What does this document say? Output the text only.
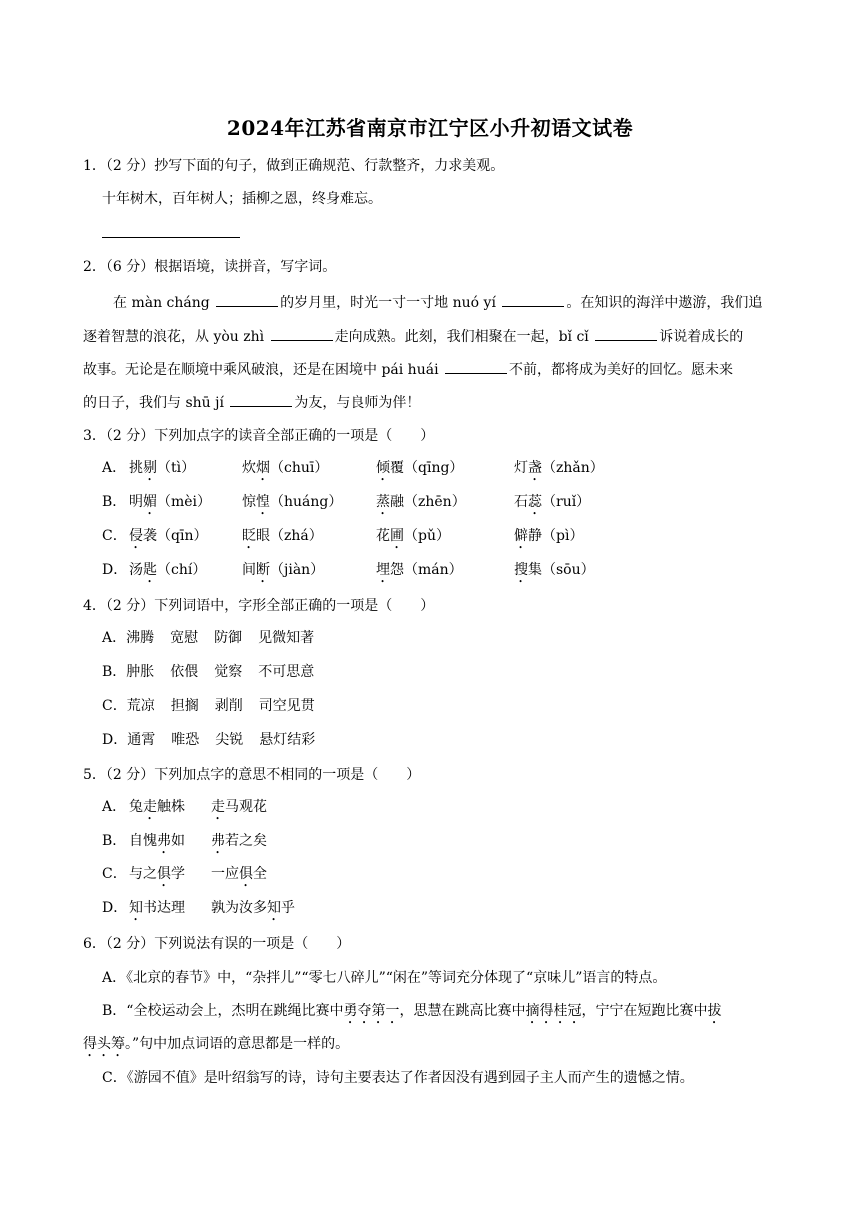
2024年江苏省南京市江宁区小升初语文试卷
1．（2 分）抄写下面的句子，做到正确规范、行款整齐，力求美观。
十年树木，百年树人；插柳之恩，终身难忘。
2．（6 分）根据语境，读拼音，写字词。
在 màn cháng	的岁月里，时光一寸一寸地 nuó yí	。在知识的海洋中遨游，我们追
逐着智慧的浪花，从 yòu zhì	走向成熟。此刻，我们相聚在一起，bǐ cǐ	诉说着成长的
故事。无论是在顺境中乘风破浪，还是在困境中 pái huái	不前，都将成为美好的回忆。愿未来
的日子，我们与 shū jí	为友，与良师为伴！
3．（2 分）下列加点字的读音全部正确的一项是（　　）
A． 挑剔（tì）	炊烟（chuī）	倾覆（qīng）	灯盏（zhǎn）
B． 明媚（mèi） 惊惶（huáng） 蒸融（zhēn）	石蕊（ruǐ）
C． 侵袭（qīn） 眨眼（zhá）	花圃（pǔ）	僻静（pì）
D． 汤匙（chí）	间断（jiàn）	埋怨（mán）	搜集（sōu）
4．（2 分）下列词语中，字形全部正确的一项是（　　）
A．沸腾 宽慰 防御 见微知著
B．肿胀 依偎 觉察 不可思意
C．荒凉 担搁 剥削 司空见贯
D．通霄 唯恐 尖锐 悬灯结彩
5．（2 分）下列加点字的意思不相同的一项是（　　）
A． 兔走触株 走马观花
B． 自愧弗如 弗若之矣
C． 与之俱学 一应俱全
D． 知书达理 孰为汝多知乎
6．（2 分）下列说法有误的一项是（　　）
A．《北京的春节》中，“杂拌儿”“零七八碎儿”“闲在”等词充分体现了“京味儿”语言的特点。
B．“全校运动会上，杰明在跳绳比赛中勇夺第一，思慧在跳高比赛中摘得桂冠，宁宁在短跑比赛中拔
得头筹。”句中加点词语的意思都是一样的。
C．《游园不值》是叶绍翁写的诗，诗句主要表达了作者因没有遇到园子主人而产生的遗憾之情。
